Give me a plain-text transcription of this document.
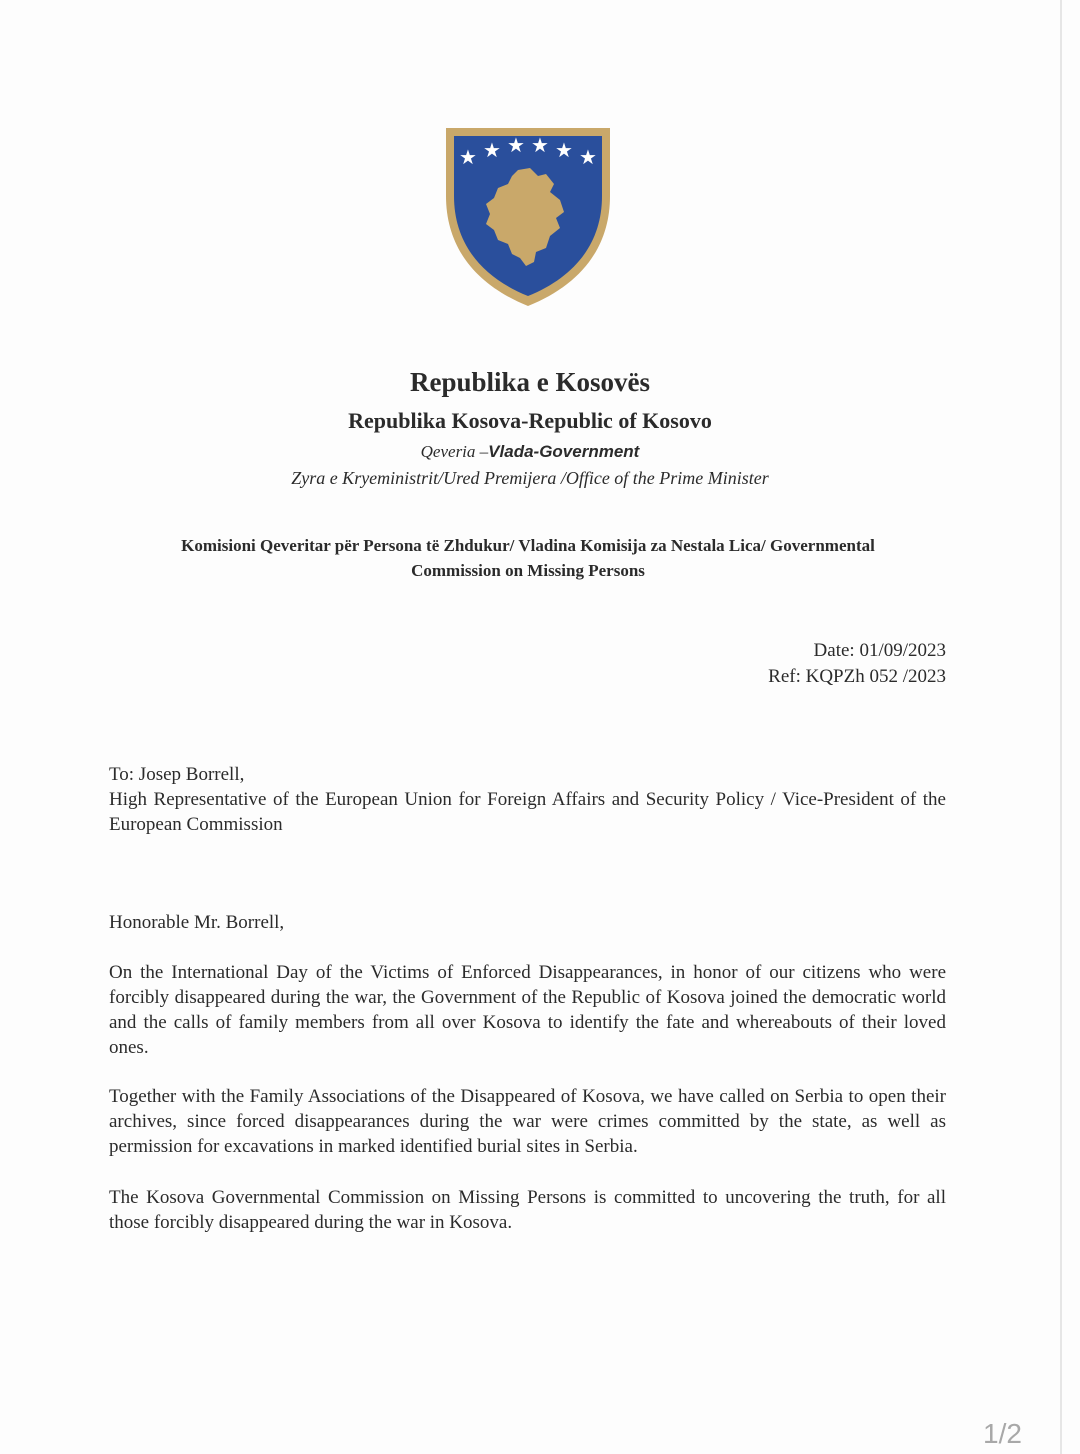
★ ★ ★ ★ ★ ★
Republika e Kosovës
Republika Kosova-Republic of Kosovo
Qeveria –Vlada-Government
Zyra e Kryeministrit/Ured Premijera /Office of the Prime Minister
Komisioni Qeveritar për Persona të Zhdukur/ Vladina Komisija za Nestala Lica/ Governmental
Commission on Missing Persons
Date: 01/09/2023
Ref: KQPZh 052 /2023
To: Josep Borrell,
High Representative of the European Union for Foreign Affairs and Security Policy / Vice-President of the European Commission
Honorable Mr. Borrell,

On the International Day of the Victims of Enforced Disappearances, in honor of our citizens who were forcibly disappeared during the war, the Government of the Republic of Kosova joined the democratic world and the calls of family members from all over Kosova to identify the fate and whereabouts of their loved ones.

Together with the Family Associations of the Disappeared of Kosova, we have called on Serbia to open their archives, since forced disappearances during the war were crimes committed by the state, as well as permission for excavations in marked identified burial sites in Serbia.

The Kosova Governmental Commission on Missing Persons is committed to uncovering the truth, for all those forcibly disappeared during the war in Kosova.

1/2
